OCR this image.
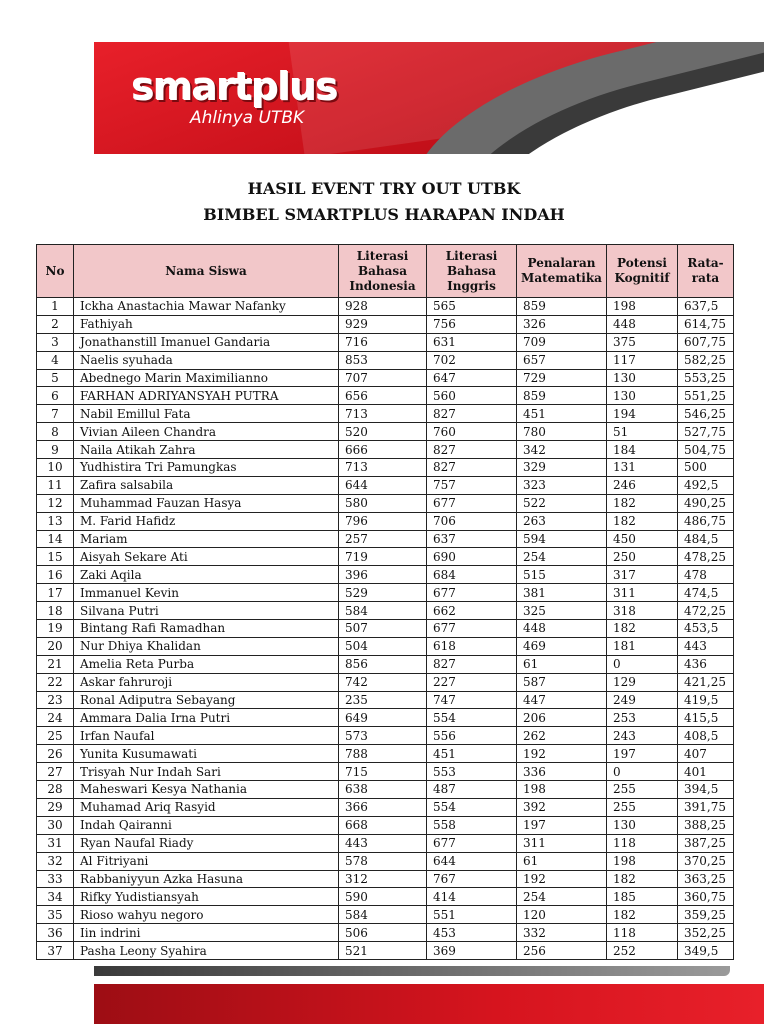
smartplus
Ahlinya UTBK
HASIL EVENT TRY OUT UTBK
BIMBEL SMARTPLUS HARAPAN INDAH
No	Nama Siswa	Literasi Bahasa Indonesia	Literasi Bahasa Inggris	Penalaran Matematika	Potensi Kognitif	Rata-rata
1	Ickha Anastachia Mawar Nafanky	928	565	859	198	637,5
2	Fathiyah	929	756	326	448	614,75
3	Jonathanstill Imanuel Gandaria	716	631	709	375	607,75
4	Naelis syuhada	853	702	657	117	582,25
5	Abednego Marin Maximilianno	707	647	729	130	553,25
6	FARHAN ADRIYANSYAH PUTRA	656	560	859	130	551,25
7	Nabil Emillul Fata	713	827	451	194	546,25
8	Vivian Aileen Chandra	520	760	780	51	527,75
9	Naila Atikah Zahra	666	827	342	184	504,75
10	Yudhistira Tri Pamungkas	713	827	329	131	500
11	Zafira salsabila	644	757	323	246	492,5
12	Muhammad Fauzan Hasya	580	677	522	182	490,25
13	M. Farid Hafidz	796	706	263	182	486,75
14	Mariam	257	637	594	450	484,5
15	Aisyah Sekare Ati	719	690	254	250	478,25
16	Zaki Aqila	396	684	515	317	478
17	Immanuel Kevin	529	677	381	311	474,5
18	Silvana Putri	584	662	325	318	472,25
19	Bintang Rafi Ramadhan	507	677	448	182	453,5
20	Nur Dhiya Khalidan	504	618	469	181	443
21	Amelia Reta Purba	856	827	61	0	436
22	Askar fahruroji	742	227	587	129	421,25
23	Ronal Adiputra Sebayang	235	747	447	249	419,5
24	Ammara Dalia Irna Putri	649	554	206	253	415,5
25	Irfan Naufal	573	556	262	243	408,5
26	Yunita Kusumawati	788	451	192	197	407
27	Trisyah Nur Indah Sari	715	553	336	0	401
28	Maheswari Kesya Nathania	638	487	198	255	394,5
29	Muhamad Ariq Rasyid	366	554	392	255	391,75
30	Indah Qairanni	668	558	197	130	388,25
31	Ryan Naufal Riady	443	677	311	118	387,25
32	Al Fitriyani	578	644	61	198	370,25
33	Rabbaniyyun Azka Hasuna	312	767	192	182	363,25
34	Rifky Yudistiansyah	590	414	254	185	360,75
35	Rioso wahyu negoro	584	551	120	182	359,25
36	Iin indrini	506	453	332	118	352,25
37	Pasha Leony Syahira	521	369	256	252	349,5
